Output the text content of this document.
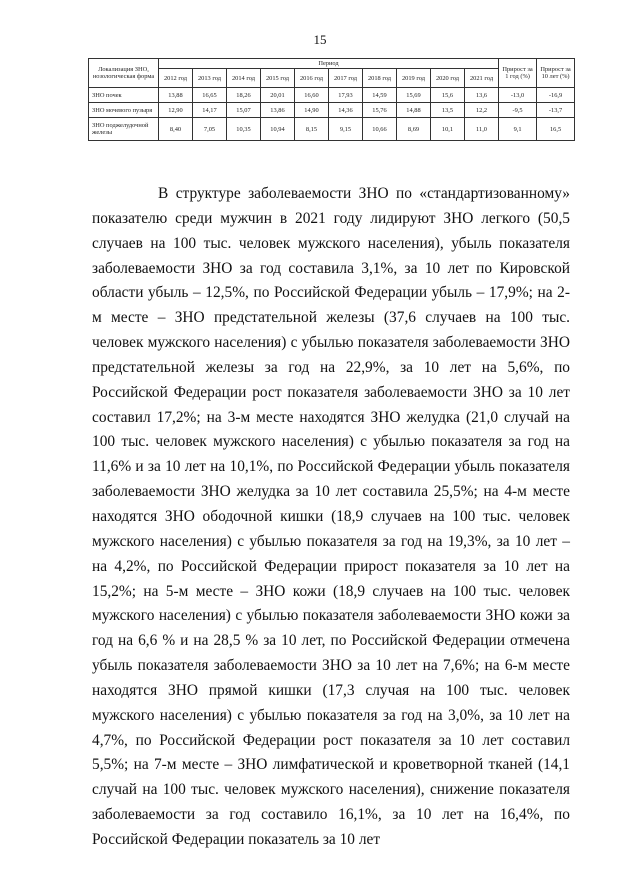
15
Локализация ЗНО, нозологическая форма	Период										Прирост за 1 год (%)	Прирост за 10 лет (%)
	2012 год	2013 год	2014 год	2015 год	2016 год	2017 год	2018 год	2019 год	2020 год	2021 год		
ЗНО почек	13,88	16,65	18,26	20,01	16,60	17,93	14,59	15,69	15,6	13,6	-13,0	-16,9
ЗНО мочевого пузыря	12,90	14,17	15,07	13,86	14,90	14,36	15,76	14,88	13,5	12,2	-9,5	-13,7
ЗНО поджелудочной железы	8,40	7,05	10,35	10,94	8,15	9,15	10,66	8,69	10,1	11,0	9,1	16,5

В структуре заболеваемости ЗНО по «стандартизованному» показателю среди мужчин в 2021 году лидируют ЗНО легкого (50,5 случаев на 100 тыс. человек мужского населения), убыль показателя заболеваемости ЗНО за год составила 3,1%, за 10 лет по Кировской области убыль – 12,5%, по Российской Федерации убыль – 17,9%; на 2-м месте – ЗНО предстательной железы (37,6 случаев на 100 тыс. человек мужского населения) с убылью показателя заболеваемости ЗНО предстательной железы за год на 22,9%, за 10 лет на 5,6%, по Российской Федерации рост показателя заболеваемости ЗНО за 10 лет составил 17,2%; на 3-м месте находятся ЗНО желудка (21,0 случай на 100 тыс. человек мужского населения) с убылью показателя за год на 11,6% и за 10 лет на 10,1%, по Российской Федерации убыль показателя заболеваемости ЗНО желудка за 10 лет составила 25,5%; на 4-м месте находятся ЗНО ободочной кишки (18,9 случаев на 100 тыс. человек мужского населения) с убылью показателя за год на 19,3%, за 10 лет – на 4,2%, по Российской Федерации прирост показателя за 10 лет на 15,2%; на 5-м месте – ЗНО кожи (18,9 случаев на 100 тыс. человек мужского населения) с убылью показателя заболеваемости ЗНО кожи за год на 6,6 % и на 28,5 % за 10 лет, по Российской Федерации отмечена убыль показателя заболеваемости ЗНО за 10 лет на 7,6%; на 6-м месте находятся ЗНО прямой кишки (17,3 случая на 100 тыс. человек мужского населения) с убылью показателя за год на 3,0%, за 10 лет на 4,7%, по Российской Федерации рост показателя за 10 лет составил 5,5%; на 7-м месте – ЗНО лимфатической и кроветворной тканей (14,1 случай на 100 тыс. человек мужского населения), снижение показателя заболеваемости за год составило 16,1%, за 10 лет на 16,4%, по Российской Федерации показатель за 10 лет
